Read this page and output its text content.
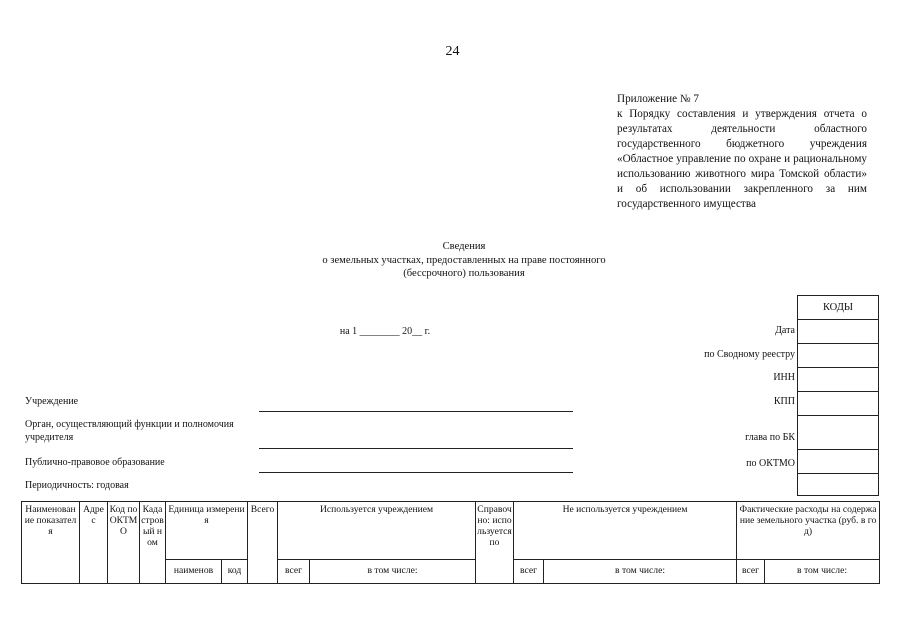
24
Приложение № 7
к Порядку составления и утверждения отчета о результатах деятельности областного государственного бюджетного учреждения «Областное управление по охране и рациональному использованию животного мира Томской области» и об использовании закрепленного за ним государственного имущества
Сведения
о земельных участках, предоставленных на праве постоянного
(бессрочного) пользования
на 1 ________ 20__ г.
КОДЫ
Дата
по Сводному реестру
ИНН
КПП
глава по БК
по ОКТМО
Учреждение
Орган, осуществляющий функции и полномочия учредителя
Публично-правовое образование
Периодичность: годовая
Наименование показателя	Адрес	Код по ОКТМО	Кадастровый ном	Единица измерения		Всего	Используется учреждением		Справочно: используется по	Не используется учреждением		Фактические расходы на содержание земельного участка (руб. в год)	
				наименов	код		всег	в том числе:		всег	в том числе:	всег	в том числе:
